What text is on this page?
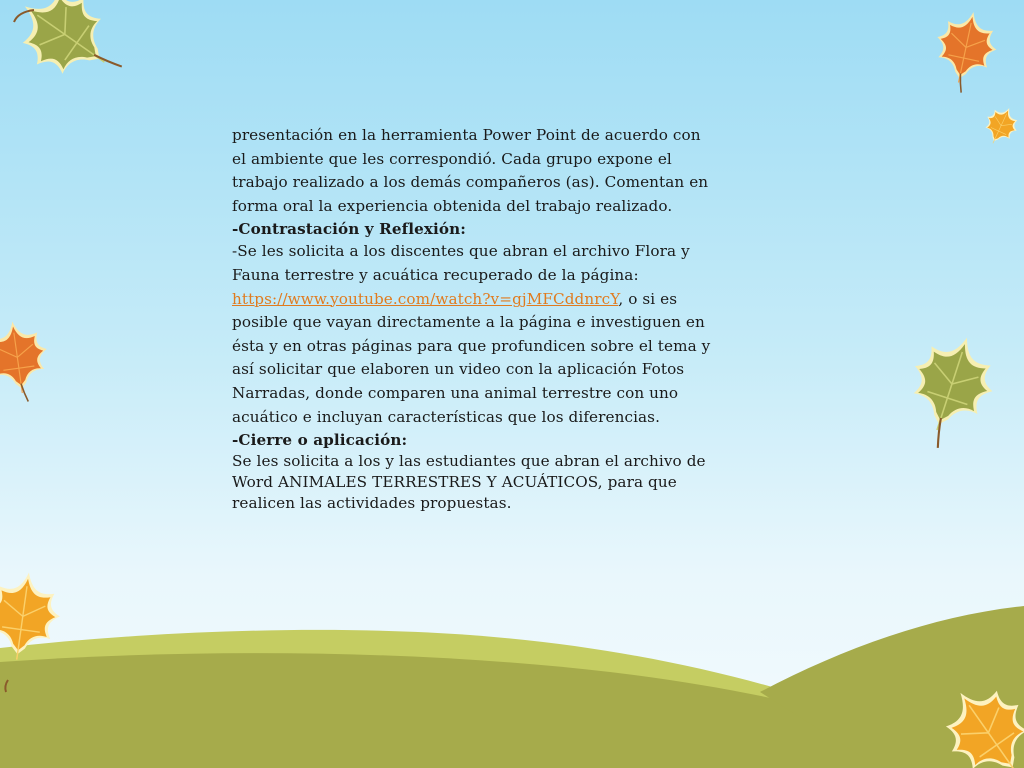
presentación en la herramienta Power Point de acuerdo con el ambiente que les correspondió. Cada grupo expone el trabajo realizado a los demás compañeros (as). Comentan en forma oral la experiencia obtenida del trabajo realizado.

-Contrastación y Reflexión:

-Se les solicita a los discentes que abran el archivo Flora y Fauna terrestre y acuática recuperado de la página:
https://www.youtube.com/watch?v=gjMFCddnrcY, o si es posible que vayan directamente a la página e investiguen en ésta y en otras páginas para que profundicen sobre el tema y así solicitar que elaboren un video con la aplicación Fotos Narradas, donde comparen una animal terrestre con uno acuático e incluyan características que los diferencias.

-Cierre o aplicación:

Se les solicita a los y las estudiantes que abran el archivo de Word ANIMALES TERRESTRES Y ACUÁTICOS, para que realicen las actividades propuestas.
